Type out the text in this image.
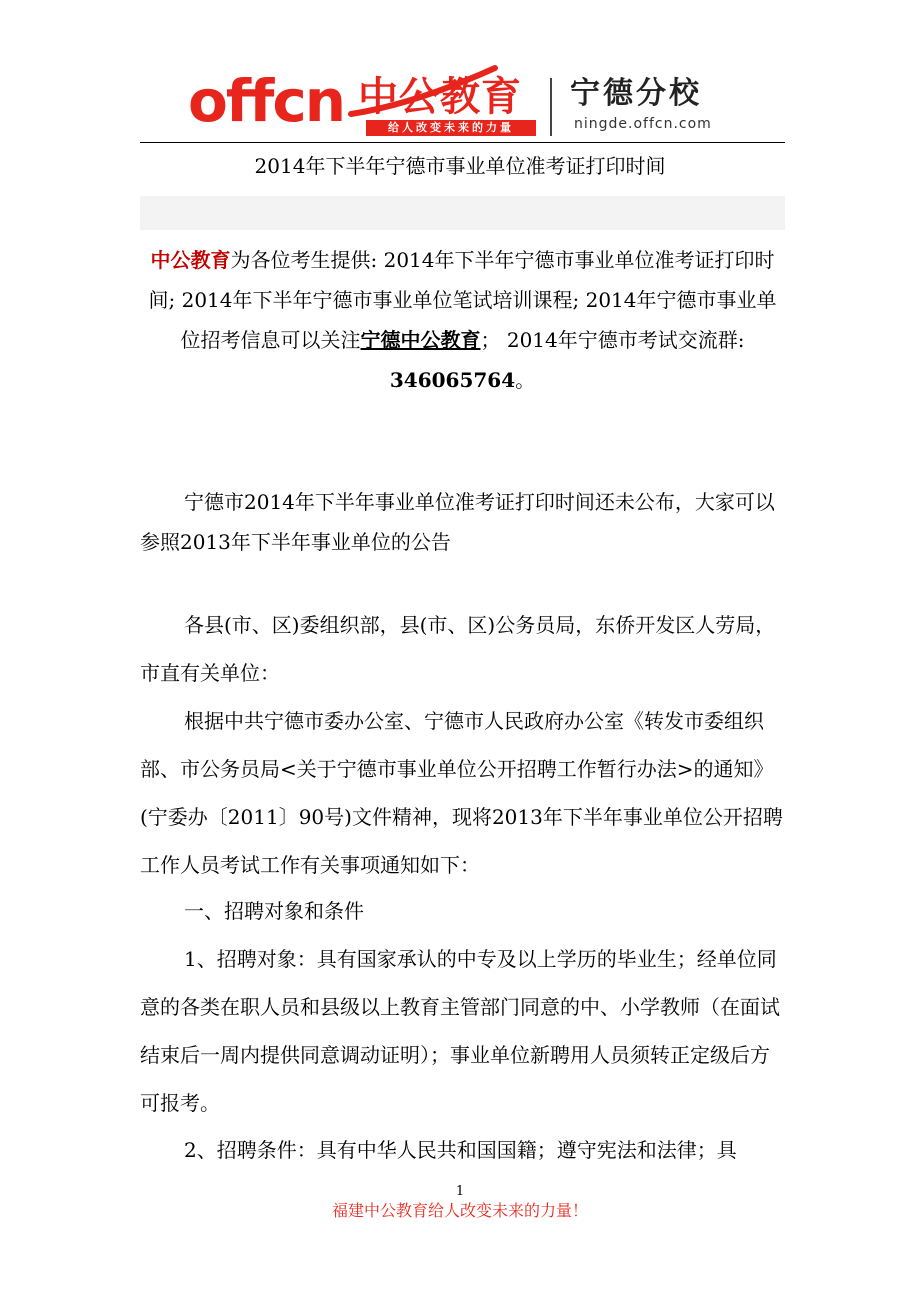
offcn 中公教育
给人改变未来的力量
宁德分校
ningde.offcn.com
2014年下半年宁德市事业单位准考证打印时间

中公教育为各位考生提供: 2014年下半年宁德市事业单位准考证打印时间; 2014年下半年宁德市事业单位笔试培训课程; 2014年宁德市事业单位招考信息可以关注宁德中公教育； 2014年宁德市考试交流群: 346065764。

宁德市2014年下半年事业单位准考证打印时间还未公布，大家可以参照2013年下半年事业单位的公告

各县(市、区)委组织部，县(市、区)公务员局，东侨开发区人劳局，市直有关单位：

根据中共宁德市委办公室、宁德市人民政府办公室《转发市委组织部、市公务员局<关于宁德市事业单位公开招聘工作暂行办法>的通知》(宁委办〔2011〕90号)文件精神，现将2013年下半年事业单位公开招聘工作人员考试工作有关事项通知如下：

一、招聘对象和条件

1、招聘对象：具有国家承认的中专及以上学历的毕业生；经单位同意的各类在职人员和县级以上教育主管部门同意的中、小学教师（在面试结束后一周内提供同意调动证明）；事业单位新聘用人员须转正定级后方可报考。

2、招聘条件：具有中华人民共和国国籍；遵守宪法和法律；具

1
福建中公教育给人改变未来的力量！
